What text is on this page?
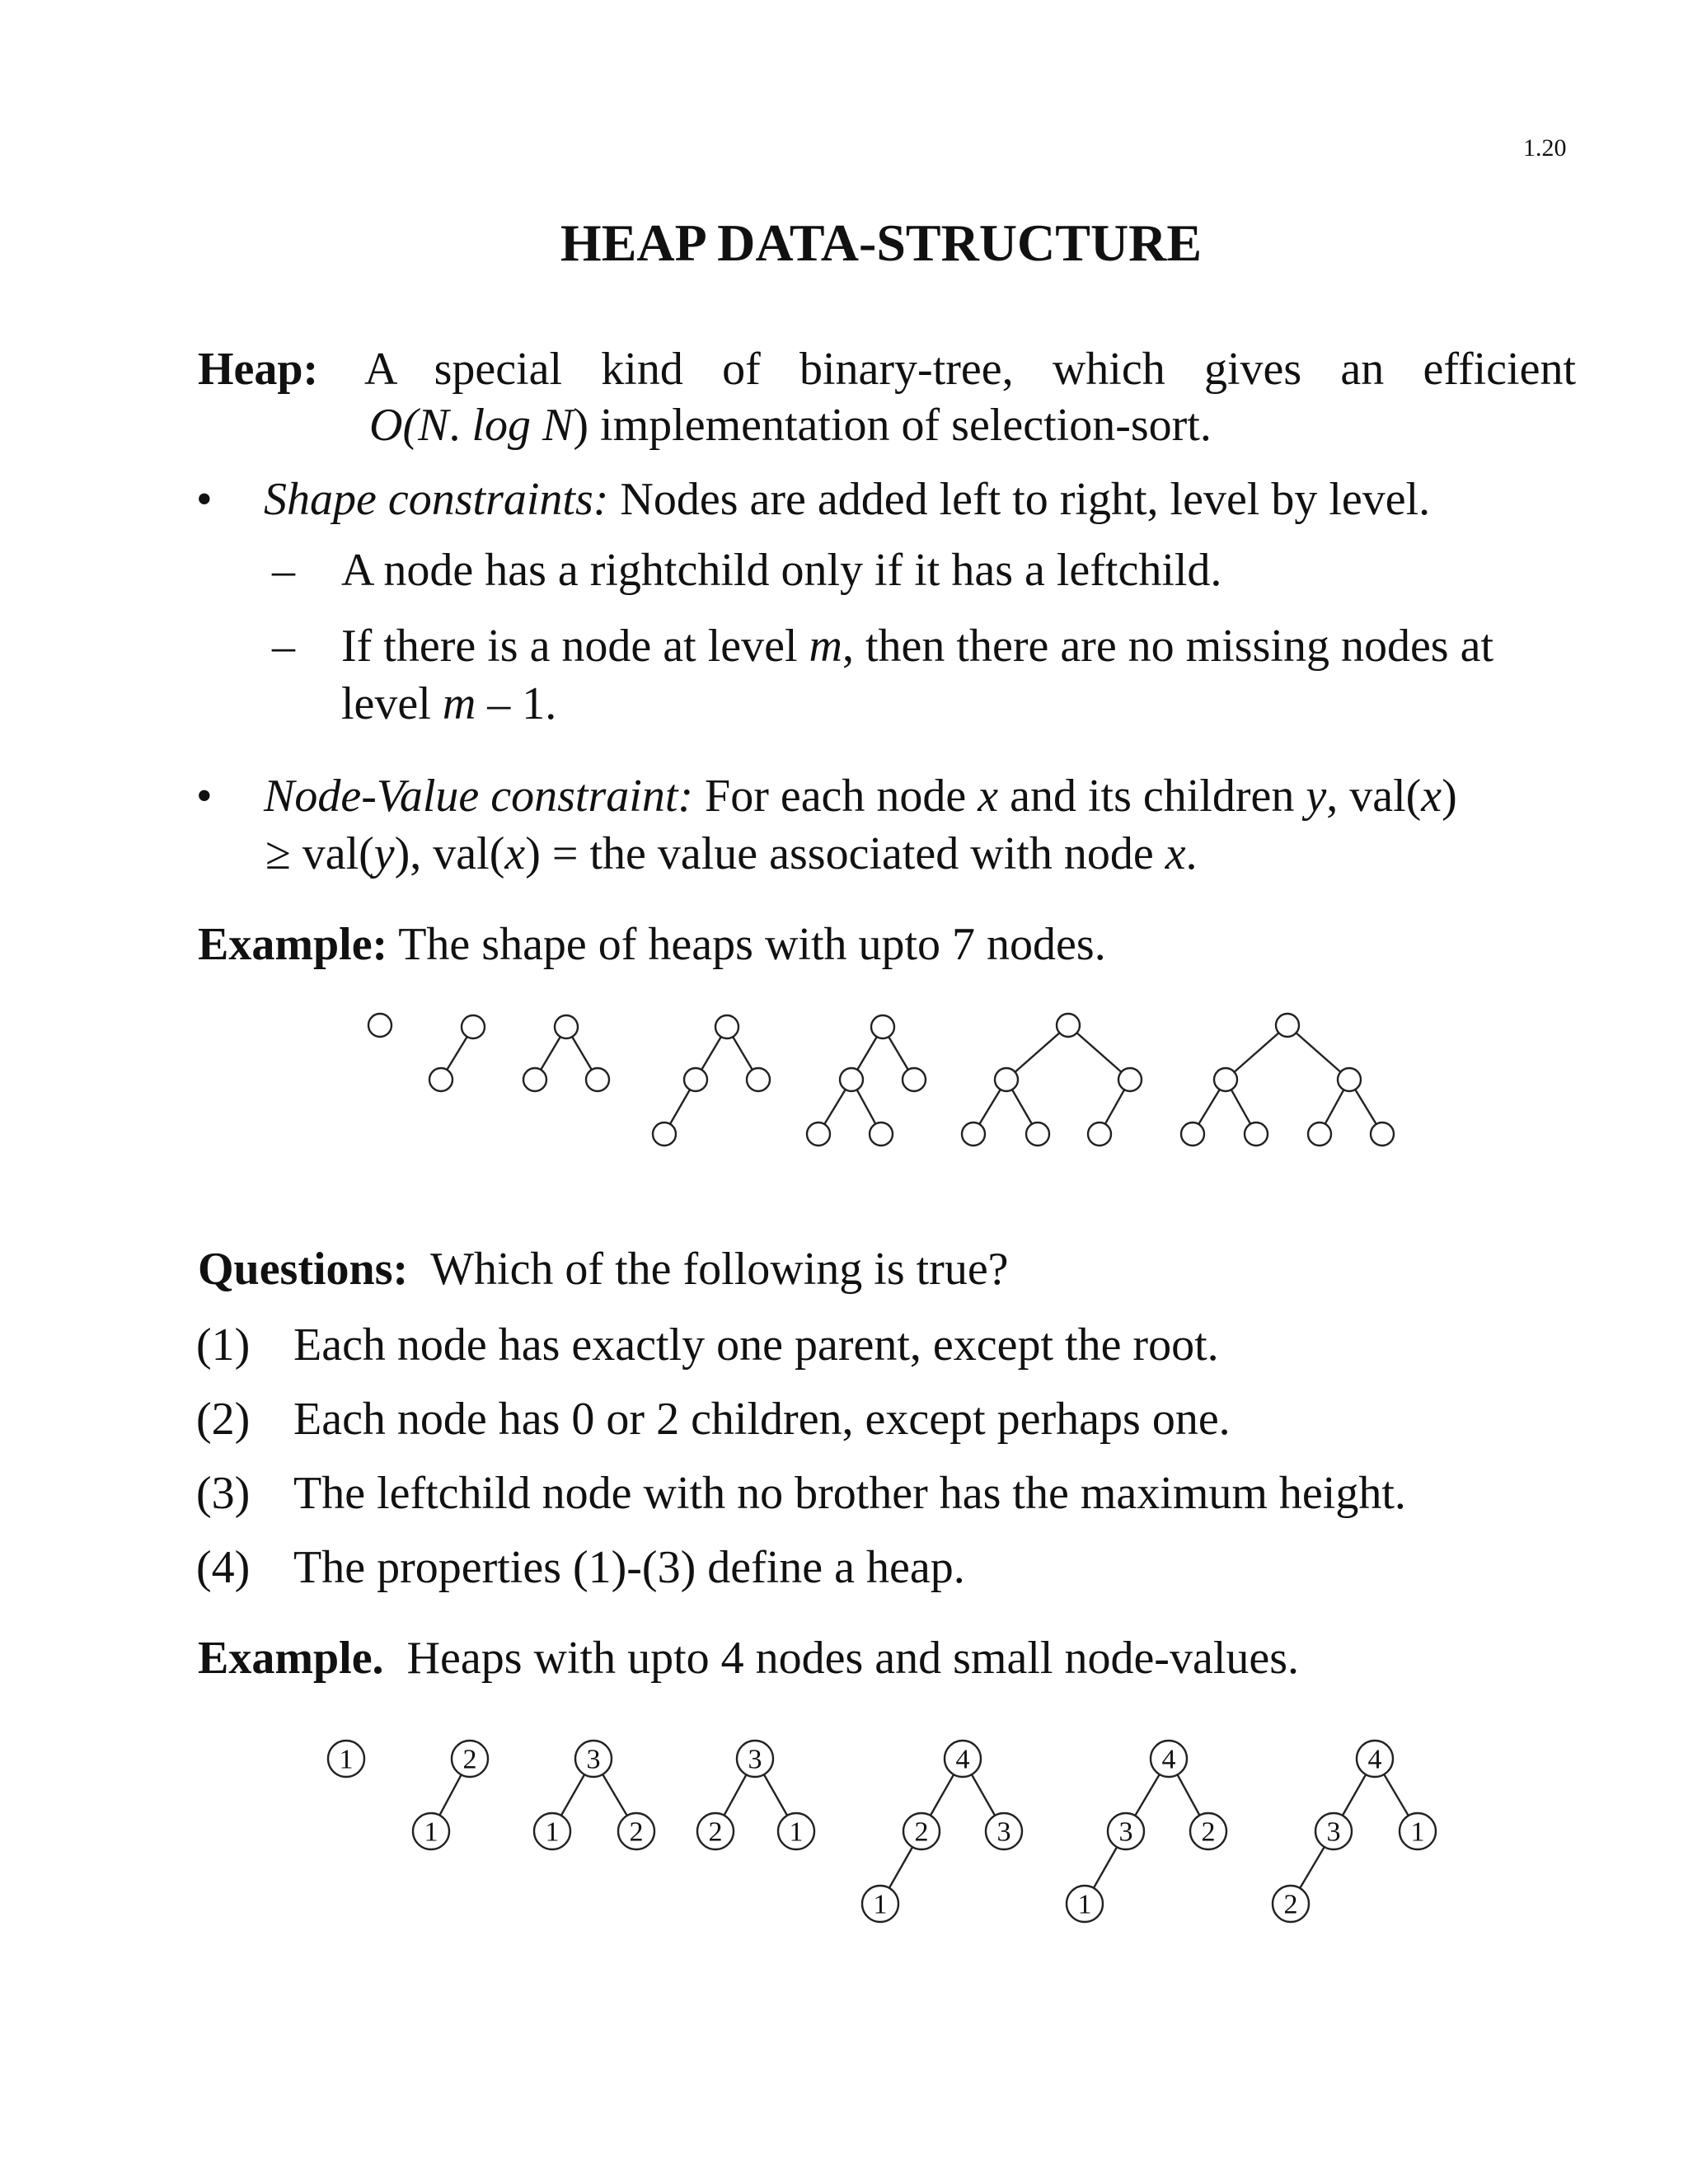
1.20
HEAP DATA-STRUCTURE
Heap: A special kind of binary-tree, which gives an efficient
O(N. log N) implementation of selection-sort.
• Shape constraints: Nodes are added left to right, level by level.
– A node has a rightchild only if it has a leftchild.
– If there is a node at level m, then there are no missing nodes at
level m – 1.
• Node-Value constraint: For each node x and its children y, val(x)
≥ val(y), val(x) = the value associated with node x.
Example: The shape of heaps with upto 7 nodes.
Questions: Which of the following is true?
(1) Each node has exactly one parent, except the root.
(2) Each node has 0 or 2 children, except perhaps one.
(3) The leftchild node with no brother has the maximum height.
(4) The properties (1)-(3) define a heap.
Example. Heaps with upto 4 nodes and small node-values.
1	2
1
3
1	2
3
2 1
4
2 3
1
4
3 2
1
4
3	1
2
